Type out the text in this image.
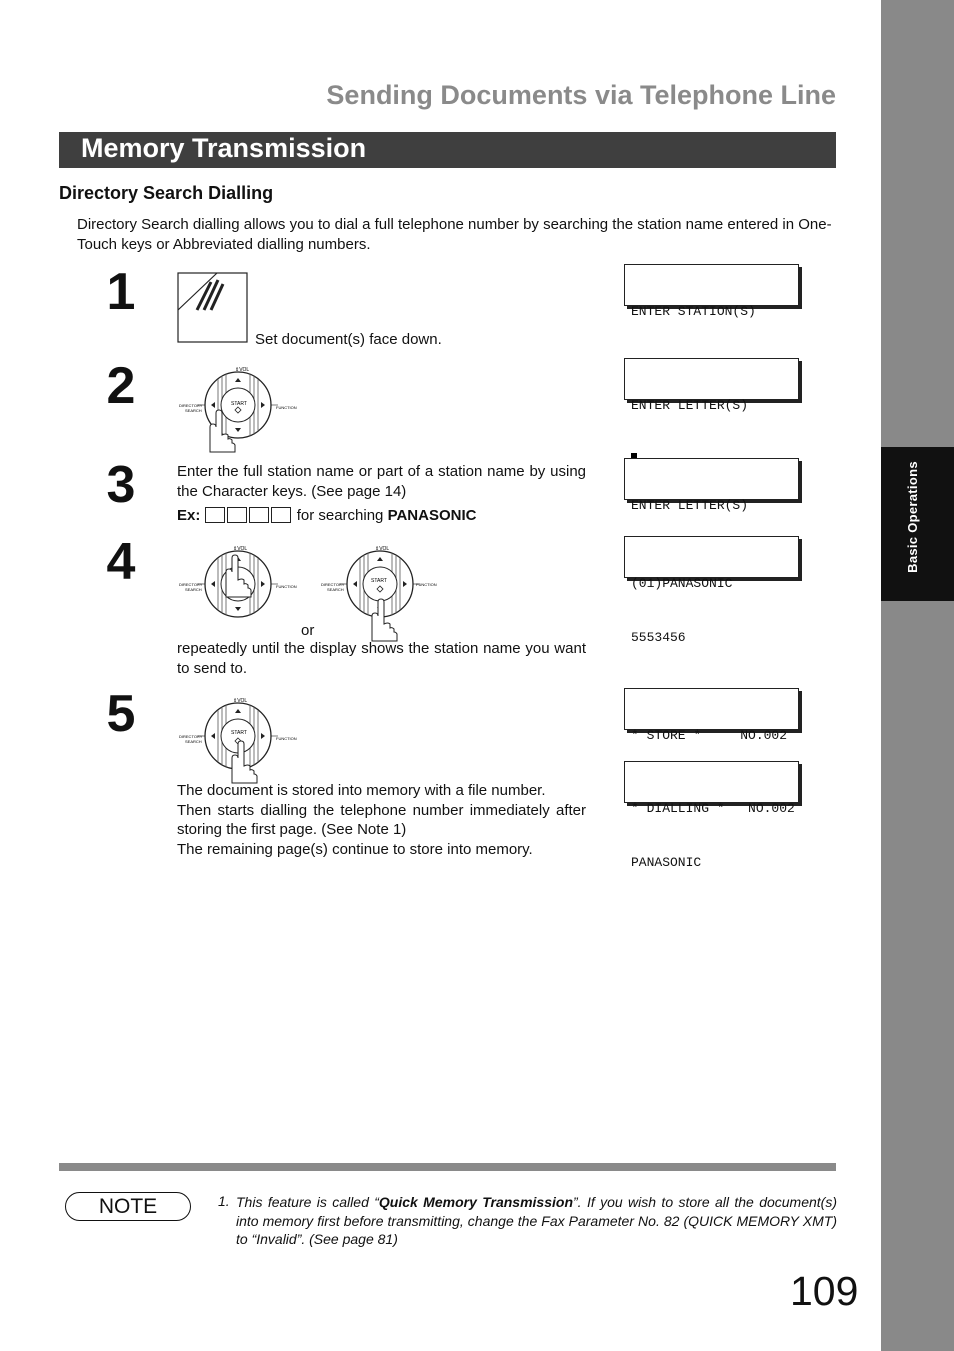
Basic Operations
Sending Documents via Telephone Line
Memory Transmission
Directory Search Dialling
Directory Search dialling allows you to dial a full telephone number by searching the station name entered in One-Touch keys or Abbreviated dialling numbers.
1
Set document(s) face down.

ENTER STATION(S)

2	⇕VOL
START
DIRECTORY
SEARCH
FUNCTION

	ENTER LETTER(S)

3	Enter the full station name or part of a station name by using the Character keys. (See page 14)
Ex:	for searching PANASONIC

ENTER LETTER(S)

4	⇕VOL
DIRECTORY
SEARCH
FUNCTION
⇕VOL
START
DIRECTORY
SEARCH
FUNCTION
or
repeatedly until the display shows the station name you want to send to.

(01)PANASONIC

5553456

5	⇕VOL
START
DIRECTORY
SEARCH
FUNCTION
The document is stored into memory with a file number.
Then starts dialling the telephone number immediately after storing the first page. (See Note 1)
The remaining page(s) continue to store into memory.

* STORE *     NO.002

* DIALLING *   NO.002

PANASONIC

NOTE	1. This feature is called “Quick Memory Transmission”. If you wish to store all the document(s) into memory first before transmitting, change the Fax Parameter No. 82 (QUICK MEMORY XMT) to “Invalid”. (See page 81)
109
